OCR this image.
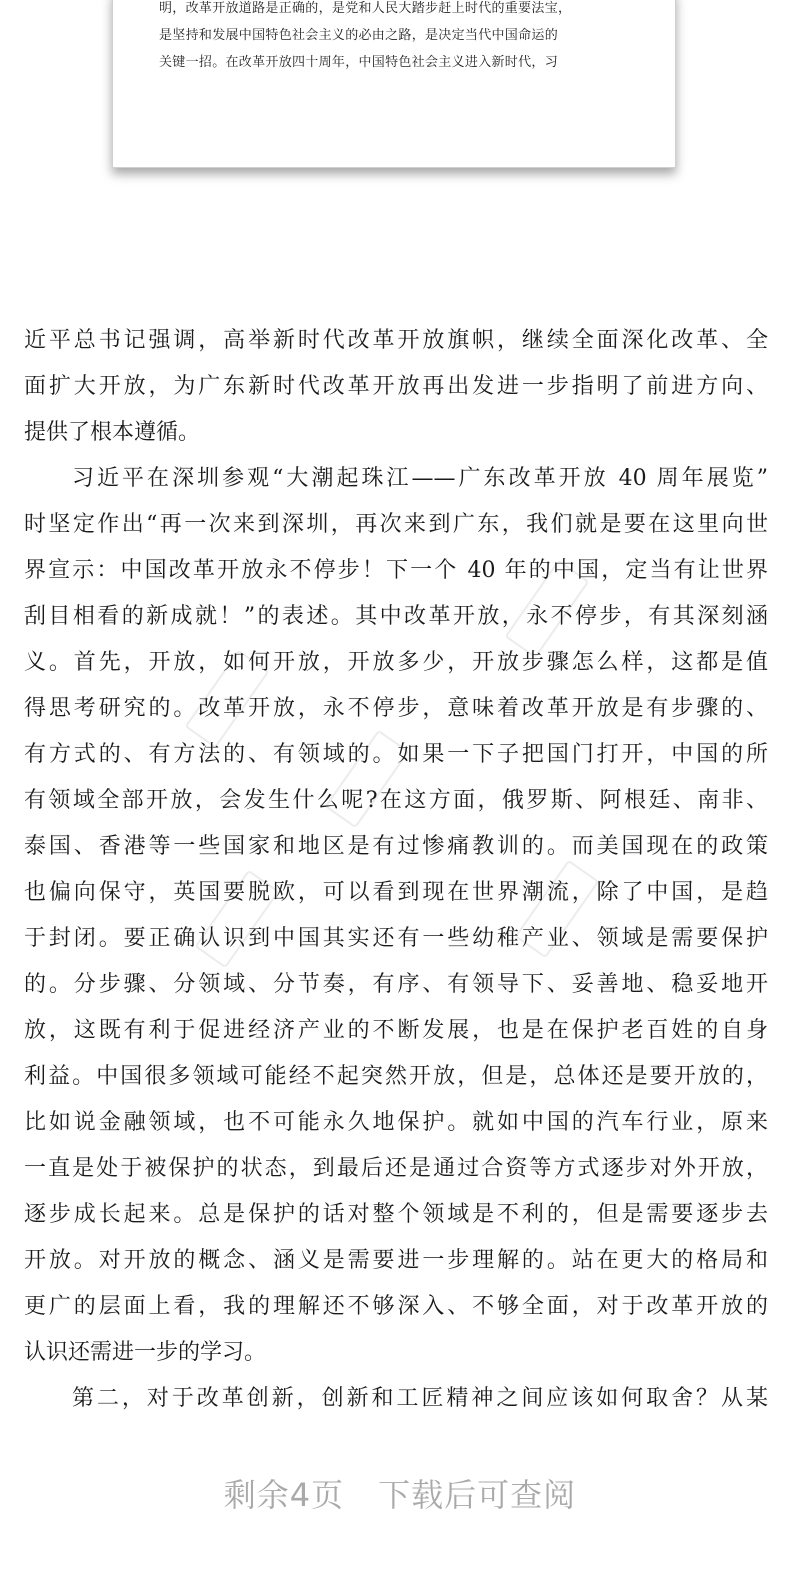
明，改革开放道路是正确的，是党和人民大踏步赶上时代的重要法宝，
是坚持和发展中国特色社会主义的必由之路，是决定当代中国命运的
关键一招。在改革开放四十周年，中国特色社会主义进入新时代，习
近平总书记强调，高举新时代改革开放旗帜，继续全面深化改革、全
面扩大开放，为广东新时代改革开放再出发进一步指明了前进方向、
提供了根本遵循。
习近平在深圳参观“大潮起珠江——广东改革开放 40 周年展览”
时坚定作出“再一次来到深圳，再次来到广东，我们就是要在这里向世
界宣示：中国改革开放永不停步！下一个 40 年的中国，定当有让世界
刮目相看的新成就！”的表述。其中改革开放，永不停步，有其深刻涵
义。首先，开放，如何开放，开放多少，开放步骤怎么样，这都是值
得思考研究的。改革开放，永不停步，意味着改革开放是有步骤的、
有方式的、有方法的、有领域的。如果一下子把国门打开，中国的所
有领域全部开放，会发生什么呢?在这方面，俄罗斯、阿根廷、南非、
泰国、香港等一些国家和地区是有过惨痛教训的。而美国现在的政策
也偏向保守，英国要脱欧，可以看到现在世界潮流，除了中国，是趋
于封闭。要正确认识到中国其实还有一些幼稚产业、领域是需要保护
的。分步骤、分领域、分节奏，有序、有领导下、妥善地、稳妥地开
放，这既有利于促进经济产业的不断发展，也是在保护老百姓的自身
利益。中国很多领域可能经不起突然开放，但是，总体还是要开放的，
比如说金融领域，也不可能永久地保护。就如中国的汽车行业，原来
一直是处于被保护的状态，到最后还是通过合资等方式逐步对外开放，
逐步成长起来。总是保护的话对整个领域是不利的，但是需要逐步去
开放。对开放的概念、涵义是需要进一步理解的。站在更大的格局和
更广的层面上看，我的理解还不够深入、不够全面，对于改革开放的
认识还需进一步的学习。
第二，对于改革创新，创新和工匠精神之间应该如何取舍？从某
剩余4页 下载后可查阅
